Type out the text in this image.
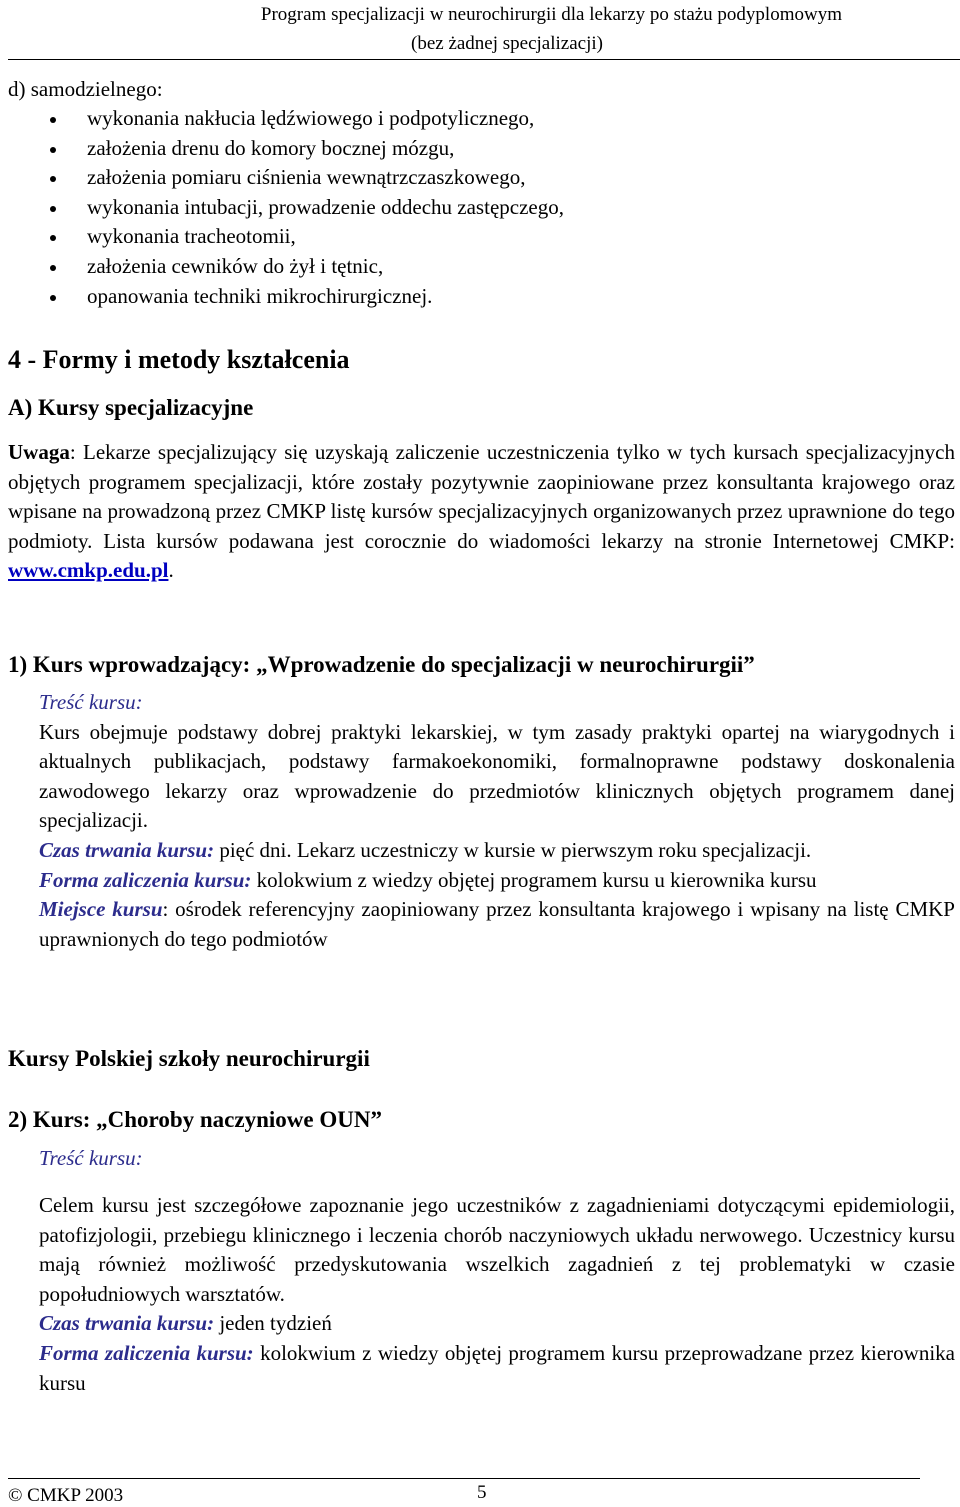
Program specjalizacji w neurochirurgii dla lekarzy po stażu podyplomowym
(bez żadnej specjalizacji)
d) samodzielnego:
wykonania nakłucia lędźwiowego i podpotylicznego,
założenia drenu do komory bocznej mózgu,
założenia pomiaru ciśnienia wewnątrzczaszkowego,
wykonania intubacji, prowadzenie oddechu zastępczego,
wykonania tracheotomii,
założenia cewników do żył i tętnic,
opanowania techniki mikrochirurgicznej.
4 - Formy i metody kształcenia
A) Kursy specjalizacyjne

Uwaga: Lekarze specjalizujący się uzyskają zaliczenie uczestniczenia tylko w tych kursach specjalizacyjnych objętych programem specjalizacji, które zostały pozytywnie zaopiniowane przez konsultanta krajowego oraz wpisane na prowadzoną przez CMKP listę kursów specjalizacyjnych organizowanych przez uprawnione do tego podmioty. Lista kursów podawana jest corocznie do wiadomości lekarzy na stronie Internetowej CMKP: www.cmkp.edu.pl.

1) Kurs wprowadzający: „Wprowadzenie do specjalizacji w neurochirurgii”
Treść kursu:

Kurs obejmuje podstawy dobrej praktyki lekarskiej, w tym zasady praktyki opartej na wiarygodnych i aktualnych publikacjach, podstawy farmakoekonomiki, formalnoprawne podstawy doskonalenia zawodowego lekarzy oraz wprowadzenie do przedmiotów klinicznych objętych programem danej specjalizacji.

Czas trwania kursu: pięć dni. Lekarz uczestniczy w kursie w pierwszym roku specjalizacji.

Forma zaliczenia kursu: kolokwium z wiedzy objętej programem kursu u kierownika kursu

Miejsce kursu: ośrodek referencyjny zaopiniowany przez konsultanta krajowego i wpisany na listę CMKP uprawnionych do tego podmiotów

Kursy Polskiej szkoły neurochirurgii
2) Kurs: „Choroby naczyniowe OUN”
Treść kursu:

Celem kursu jest szczegółowe zapoznanie jego uczestników z zagadnieniami dotyczącymi epidemiologii, patofizjologii, przebiegu klinicznego i leczenia chorób naczyniowych układu nerwowego. Uczestnicy kursu mają również możliwość przedyskutowania wszelkich zagadnień z tej problematyki w czasie popołudniowych warsztatów.

Czas trwania kursu: jeden tydzień

Forma zaliczenia kursu: kolokwium z wiedzy objętej programem kursu przeprowadzane przez kierownika kursu

© CMKP 2003	5
